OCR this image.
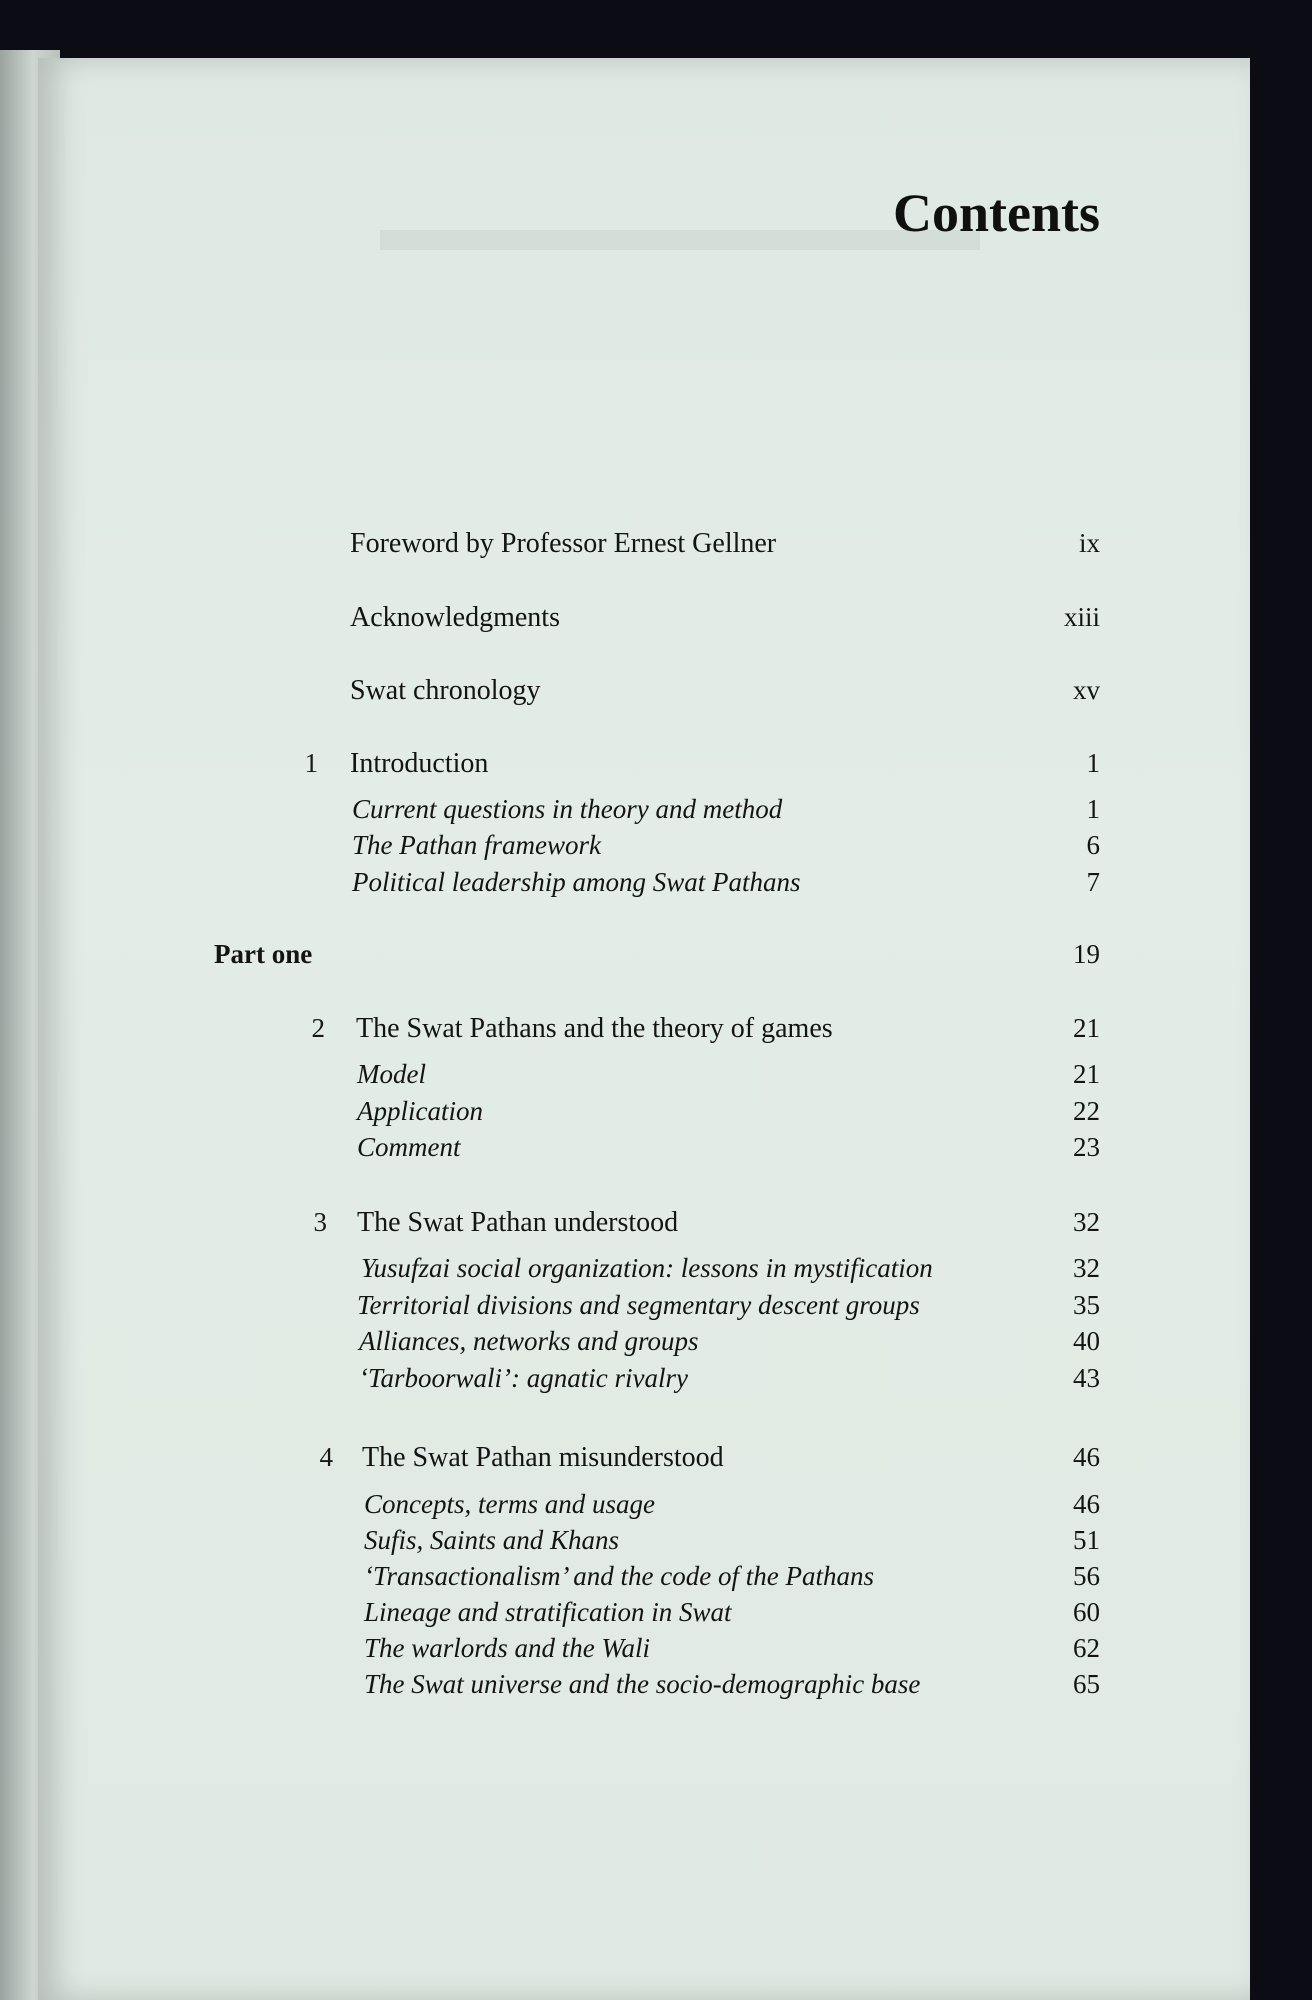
Contents
Foreword by Professor Ernest Gellner	ix
Acknowledgments	xiii
Swat chronology	xv
1 Introduction	1
Current questions in theory and method	1
The Pathan framework	6
Political leadership among Swat Pathans	7
Part one	19
2 The Swat Pathans and the theory of games	21
Model	21
Application	22
Comment	23
3 The Swat Pathan understood	32
Yusufzai social organization: lessons in mystification	32
Territorial divisions and segmentary descent groups	35
Alliances, networks and groups	40
‘Tarboorwali’: agnatic rivalry	43
4 The Swat Pathan misunderstood	46
Concepts, terms and usage	46
Sufis, Saints and Khans	51
‘Transactionalism’ and the code of the Pathans	56
Lineage and stratification in Swat	60
The warlords and the Wali	62
The Swat universe and the socio-demographic base	65
